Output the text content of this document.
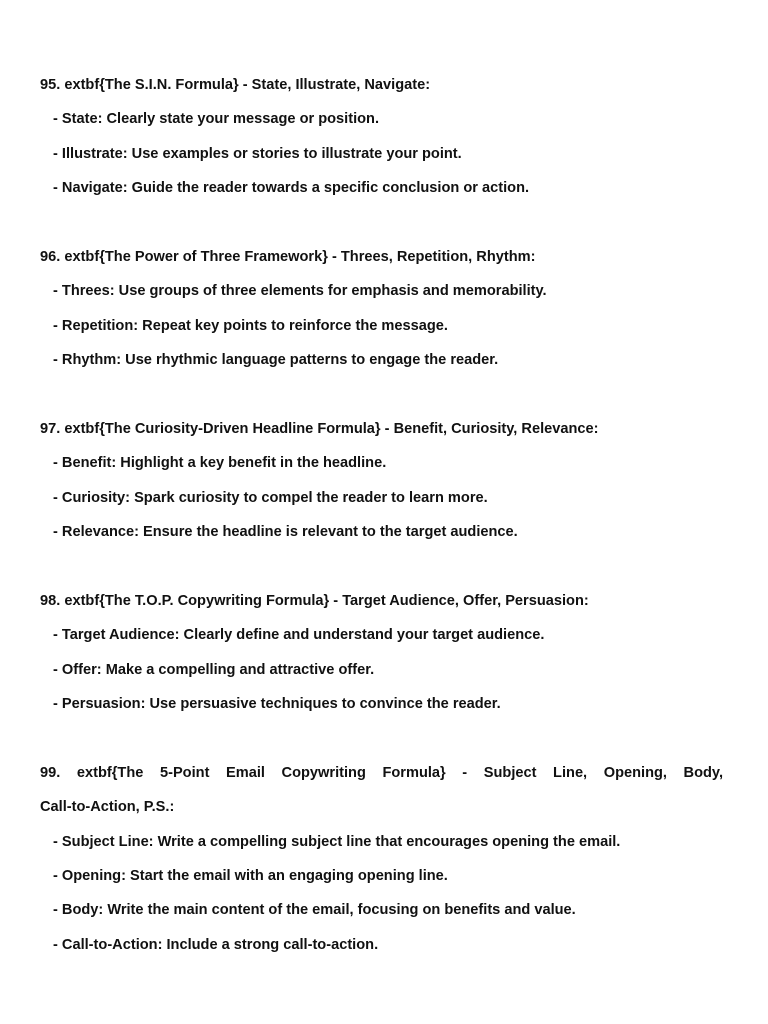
95. extbf{The S.I.N. Formula} - State, Illustrate, Navigate:
- State: Clearly state your message or position.
- Illustrate: Use examples or stories to illustrate your point.
- Navigate: Guide the reader towards a specific conclusion or action.
96. extbf{The Power of Three Framework} - Threes, Repetition, Rhythm:
- Threes: Use groups of three elements for emphasis and memorability.
- Repetition: Repeat key points to reinforce the message.
- Rhythm: Use rhythmic language patterns to engage the reader.
97. extbf{The Curiosity-Driven Headline Formula} - Benefit, Curiosity, Relevance:
- Benefit: Highlight a key benefit in the headline.
- Curiosity: Spark curiosity to compel the reader to learn more.
- Relevance: Ensure the headline is relevant to the target audience.
98. extbf{The T.O.P. Copywriting Formula} - Target Audience, Offer, Persuasion:
- Target Audience: Clearly define and understand your target audience.
- Offer: Make a compelling and attractive offer.
- Persuasion: Use persuasive techniques to convince the reader.
99. extbf{The 5-Point Email Copywriting Formula} - Subject Line, Opening, Body,
Call-to-Action, P.S.:
- Subject Line: Write a compelling subject line that encourages opening the email.
- Opening: Start the email with an engaging opening line.
- Body: Write the main content of the email, focusing on benefits and value.
- Call-to-Action: Include a strong call-to-action.
